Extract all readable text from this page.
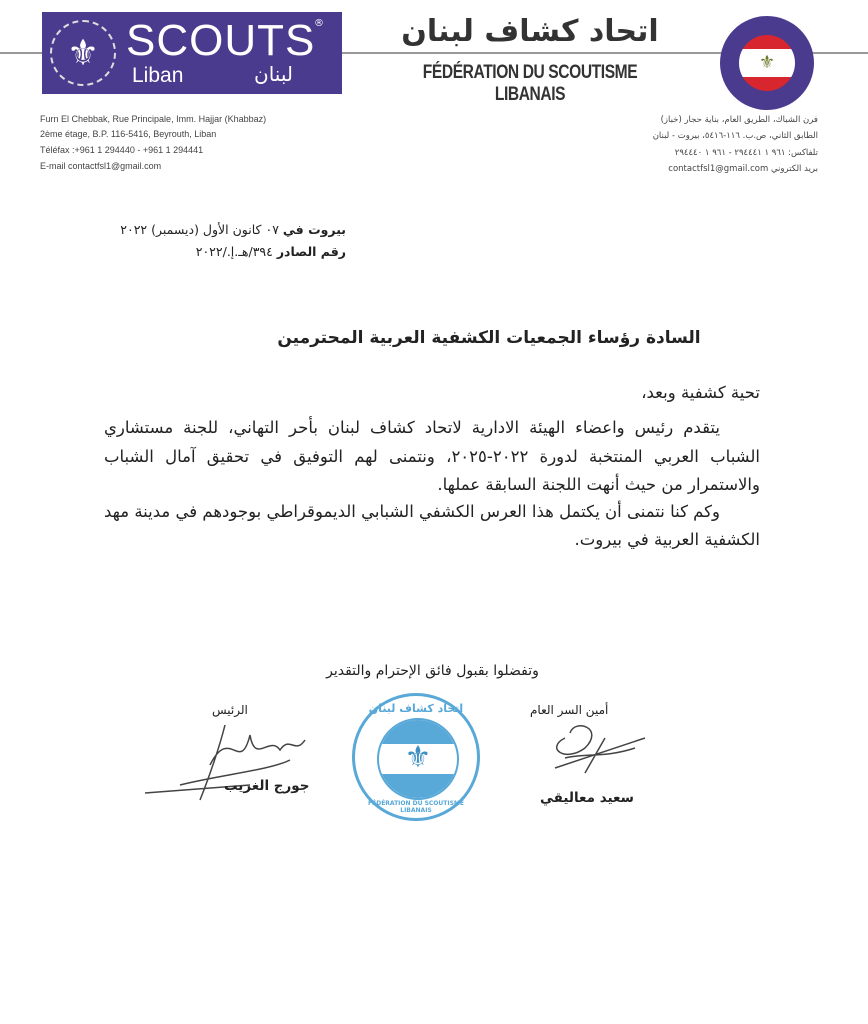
⚜ SCOUTS
®
Liban	لبنان
اتحاد كشاف لبنان
FÉDÉRATION DU SCOUTISME LIBANAIS
⚜
Furn El Chebbak, Rue Principale, Imm. Hajjar (Khabbaz)
2ème étage, B.P. 116-5416, Beyrouth, Liban
Téléfax :+961 1 294440 - +961 1 294441
E-mail contactfsl1@gmail.com
فرن الشباك، الطريق العام، بناية حجار (خباز)
الطابق الثاني، ص.ب. ١١٦-٥٤١٦، بيروت - لبنان
تلفاكس: ٩٦١ ١ ٢٩٤٤٤١ - ٩٦١ ١ ٢٩٤٤٤٠
بريد الكتروني contactfsl1@gmail.com
بيروت في ٠٧ كانون الأول (ديسمبر) ٢٠٢٢
رقم الصادر ٣٩٤/هـ.إ./٢٠٢٢
السادة رؤساء الجمعيات الكشفية العربية المحترمين
تحية كشفية وبعد،
يتقدم رئيس واعضاء الهيئة الادارية لاتحاد كشاف لبنان بأحر التهاني، للجنة مستشاري
الشباب العربي المنتخبة لدورة ٢٠٢٢-٢٠٢٥، ونتمنى لهم التوفيق في تحقيق آمال الشباب
والاستمرار من حيث أنهت اللجنة السابقة عملها.
وكم كنا نتمنى أن يكتمل هذا العرس الكشفي الشبابي الديموقراطي بوجودهم في مدينة مهد
الكشفية العربية في بيروت.
وتفضلوا بقبول فائق الإحترام والتقدير
الرئيس
جورج الغريب
أمين السر العام
سعيد معاليقي
اتحاد كشاف لبنان
⚜
FÉDÉRATION DU SCOUTISME LIBANAIS
